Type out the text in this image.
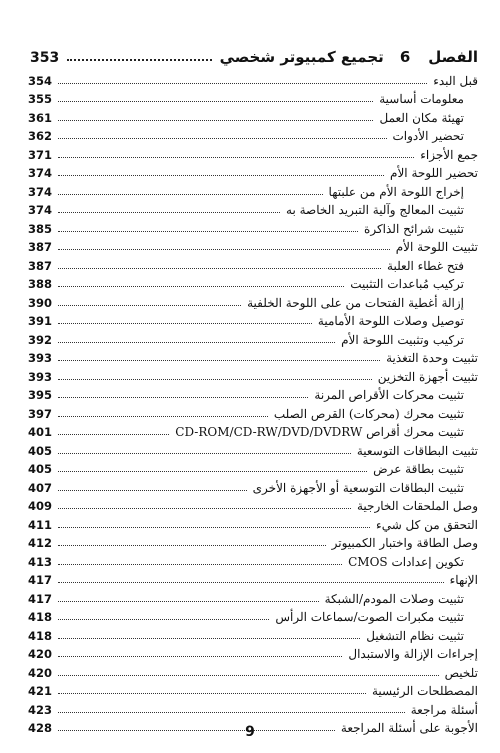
الفصل
6
تجميع كمبيوتر شخصي
353
قبل البدء
354
معلومات أساسية
355
تهيئة مكان العمل
361
تحضير الأدوات
362
جمع الأجزاء
371
تحضير اللوحة الأم
374
إخراج اللوحة الأم من علبتها
374
تثبيت المعالج وآلية التبريد الخاصة به
374
تثبيت شرائح الذاكرة
385
تثبيت اللوحة الأم
387
فتح غطاء العلبة
387
تركيب مُباعدات التثبيت
388
إزالة أغطية الفتحات من على اللوحة الخلفية
390
توصيل وصلات اللوحة الأمامية
391
تركيب وتثبيت اللوحة الأم
392
تثبيت وحدة التغذية
393
تثبيت أجهزة التخزين
393
تثبيت محركات الأقراص المرنة
395
تثبيت محرك (محركات) القرص الصلب
397
تثبيت محرك أقراص CD-ROM/CD-RW/DVD/DVDRW
401
تثبيت البطاقات التوسعية
405
تثبيت بطاقة عرض
405
تثبيت البطاقات التوسعية أو الأجهزة الأخرى
407
وصل الملحقات الخارجية
409
التحقق من كل شيء
411
وصل الطاقة واختبار الكمبيوتر
412
تكوين إعدادات CMOS
413
الإنهاء
417
تثبيت وصلات المودم/الشبكة
417
تثبيت مكبرات الصوت/سماعات الرأس
418
تثبيت نظام التشغيل
418
إجراءات الإزالة والاستبدال
420
تلخيص
420
المصطلحات الرئيسية
421
أسئلة مراجعة
423
الأجوبة على أسئلة المراجعة
428	9
